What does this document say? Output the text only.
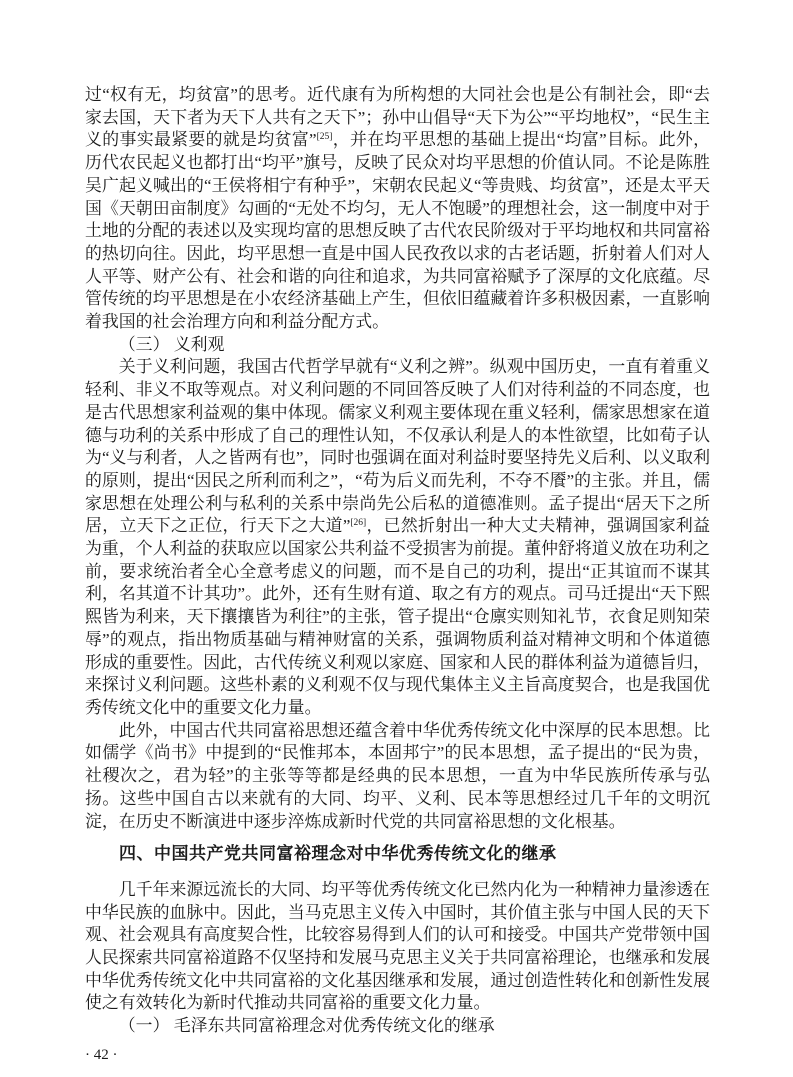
过“权有无，均贫富”的思考。近代康有为所构想的大同社会也是公有制社会，即“去家去国，天下者为天下人共有之天下”；孙中山倡导“天下为公”“平均地权”，“民生主义的事实最紧要的就是均贫富”[25]，并在均平思想的基础上提出“均富”目标。此外，历代农民起义也都打出“均平”旗号，反映了民众对均平思想的价值认同。不论是陈胜吴广起义喊出的“王侯将相宁有种乎”，宋朝农民起义“等贵贱、均贫富”，还是太平天国《天朝田亩制度》勾画的“无处不均匀，无人不饱暖”的理想社会，这一制度中对于土地的分配的表述以及实现均富的思想反映了古代农民阶级对于平均地权和共同富裕的热切向往。因此，均平思想一直是中国人民孜孜以求的古老话题，折射着人们对人人平等、财产公有、社会和谐的向往和追求，为共同富裕赋予了深厚的文化底蕴。尽管传统的均平思想是在小农经济基础上产生，但依旧蕴藏着许多积极因素，一直影响着我国的社会治理方向和利益分配方式。

（三） 义利观

关于义利问题，我国古代哲学早就有“义利之辨”。纵观中国历史，一直有着重义轻利、非义不取等观点。对义利问题的不同回答反映了人们对待利益的不同态度，也是古代思想家利益观的集中体现。儒家义利观主要体现在重义轻利，儒家思想家在道德与功利的关系中形成了自己的理性认知，不仅承认利是人的本性欲望，比如荀子认为“义与利者，人之皆两有也”，同时也强调在面对利益时要坚持先义后利、以义取利的原则，提出“因民之所利而利之”，“苟为后义而先利，不夺不餍”的主张。并且，儒家思想在处理公利与私利的关系中崇尚先公后私的道德准则。孟子提出“居天下之所居，立天下之正位，行天下之大道”[26]，已然折射出一种大丈夫精神，强调国家利益为重，个人利益的获取应以国家公共利益不受损害为前提。董仲舒将道义放在功利之前，要求统治者全心全意考虑义的问题，而不是自己的功利，提出“正其谊而不谋其利，名其道不计其功”。此外，还有生财有道、取之有方的观点。司马迁提出“天下熙熙皆为利来，天下攘攘皆为利往”的主张，管子提出“仓廪实则知礼节，衣食足则知荣辱”的观点，指出物质基础与精神财富的关系，强调物质利益对精神文明和个体道德形成的重要性。因此，古代传统义利观以家庭、国家和人民的群体利益为道德旨归，来探讨义利问题。这些朴素的义利观不仅与现代集体主义主旨高度契合，也是我国优秀传统文化中的重要文化力量。

此外，中国古代共同富裕思想还蕴含着中华优秀传统文化中深厚的民本思想。比如儒学《尚书》中提到的“民惟邦本，本固邦宁”的民本思想，孟子提出的“民为贵，社稷次之，君为轻”的主张等等都是经典的民本思想，一直为中华民族所传承与弘扬。这些中国自古以来就有的大同、均平、义利、民本等思想经过几千年的文明沉淀，在历史不断演进中逐步淬炼成新时代党的共同富裕思想的文化根基。

四、中国共产党共同富裕理念对中华优秀传统文化的继承

几千年来源远流长的大同、均平等优秀传统文化已然内化为一种精神力量渗透在中华民族的血脉中。因此，当马克思主义传入中国时，其价值主张与中国人民的天下观、社会观具有高度契合性，比较容易得到人们的认可和接受。中国共产党带领中国人民探索共同富裕道路不仅坚持和发展马克思主义关于共同富裕理论，也继承和发展中华优秀传统文化中共同富裕的文化基因继承和发展，通过创造性转化和创新性发展使之有效转化为新时代推动共同富裕的重要文化力量。

（一） 毛泽东共同富裕理念对优秀传统文化的继承
· 42 ·
